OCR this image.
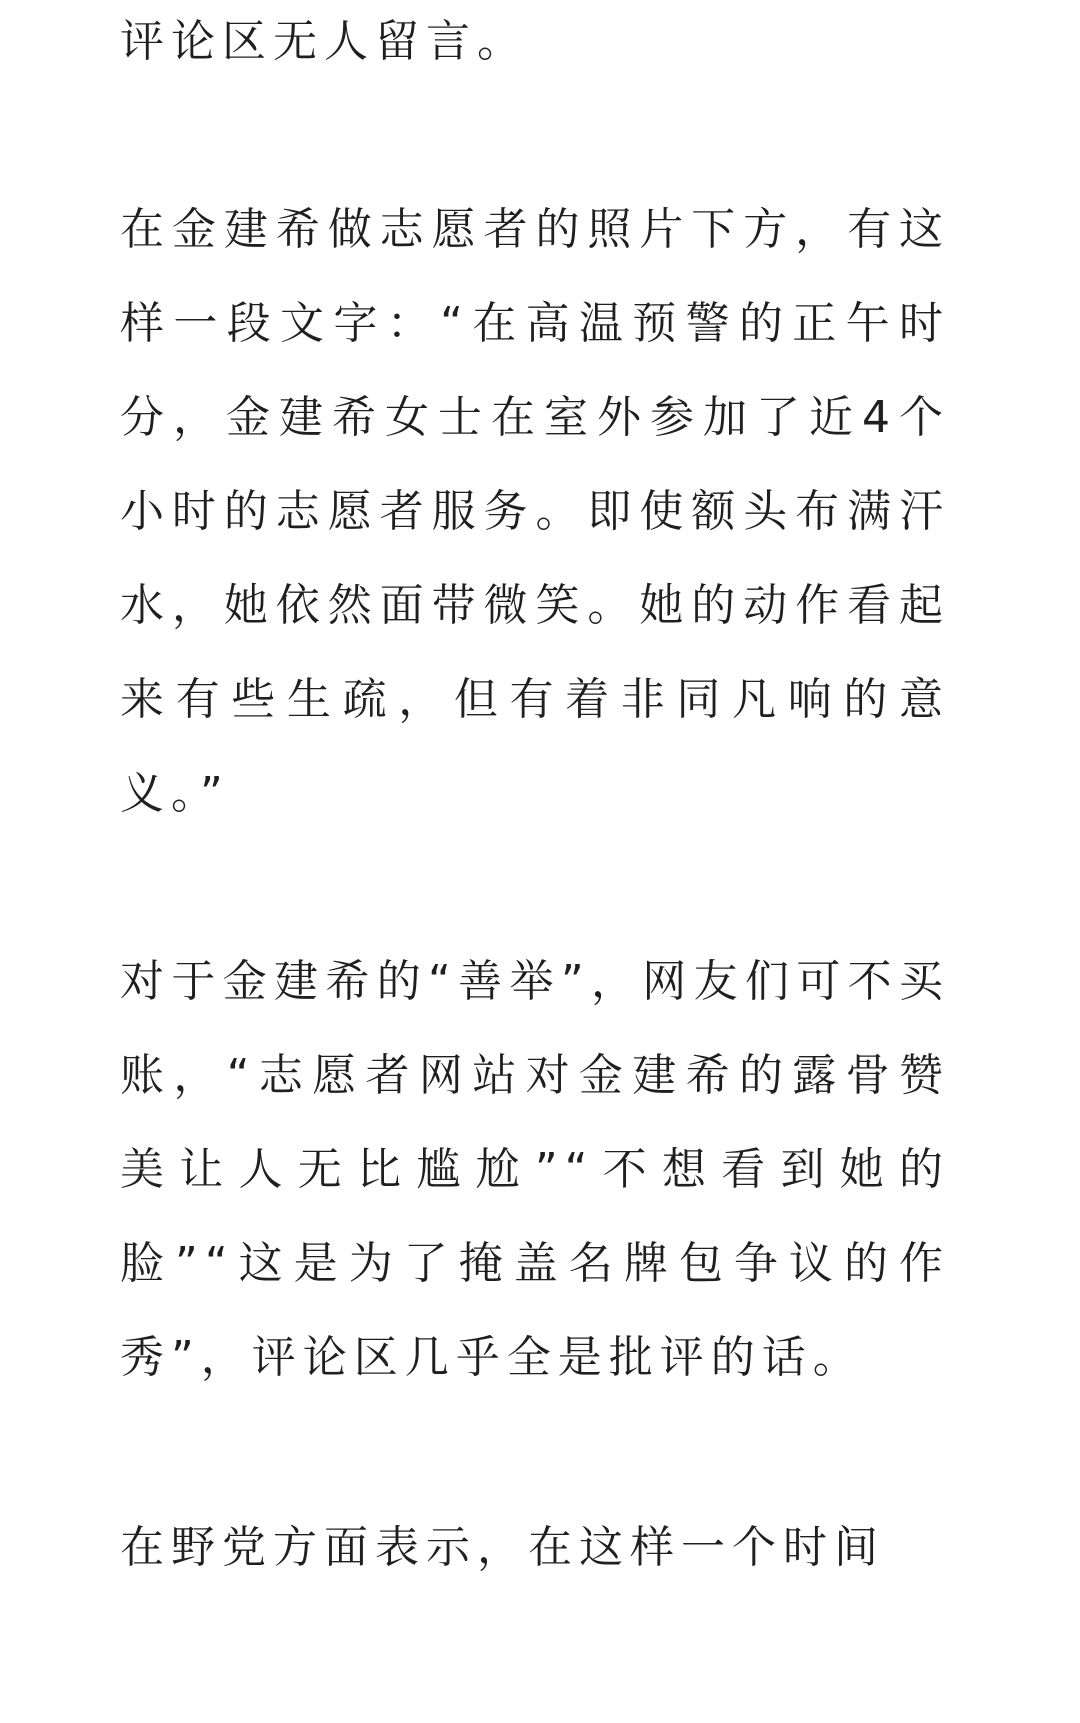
评论区无人留言。

在金建希做志愿者的照片下方，有这样一段文字：“在高温预警的正午时分，金建希女士在室外参加了近4个小时的志愿者服务。即使额头布满汗水，她依然面带微笑。她的动作看起来有些生疏，但有着非同凡响的意义。”

对于金建希的“善举”，网友们可不买账，“志愿者网站对金建希的露骨赞美让人无比尴尬”“不想看到她的脸”“这是为了掩盖名牌包争议的作秀”，评论区几乎全是批评的话。

在野党方面表示，在这样一个时间
